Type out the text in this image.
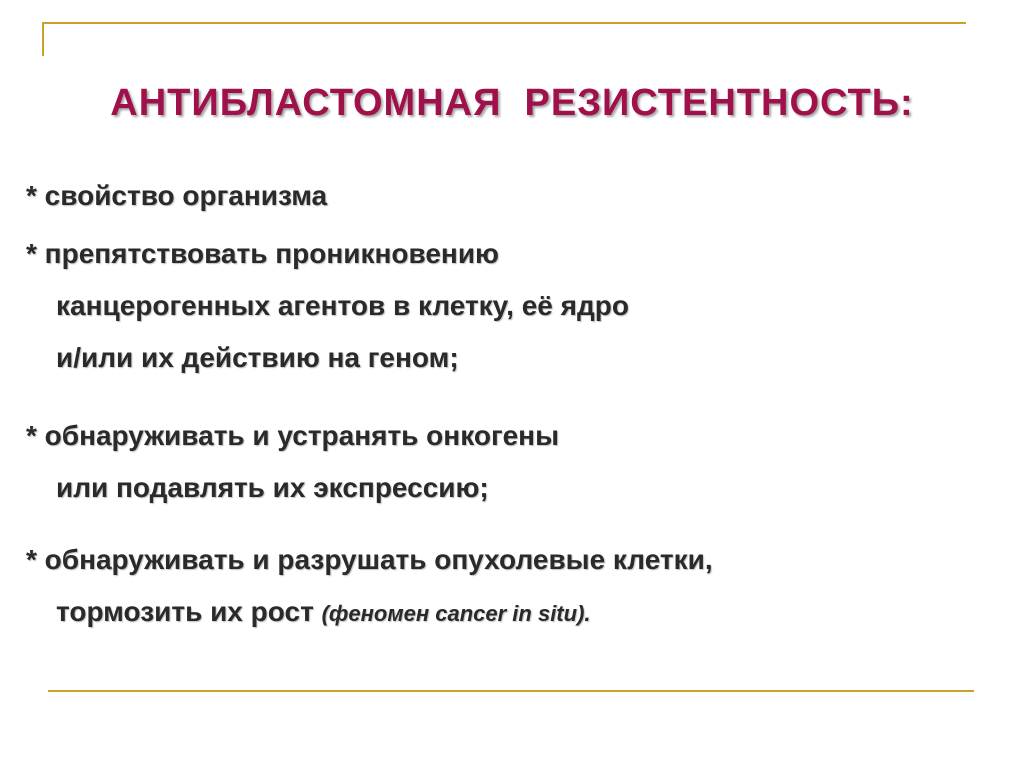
АНТИБЛАСТОМНАЯ  РЕЗИСТЕНТНОСТЬ:
* свойство организма
* препятствовать проникновению
канцерогенных агентов в клетку, её ядро
и/или их действию на геном;
* обнаруживать и устранять онкогены
или подавлять их экспрессию;
* обнаруживать и разрушать опухолевые клетки,
тормозить их рост (феномен cancer in situ).
